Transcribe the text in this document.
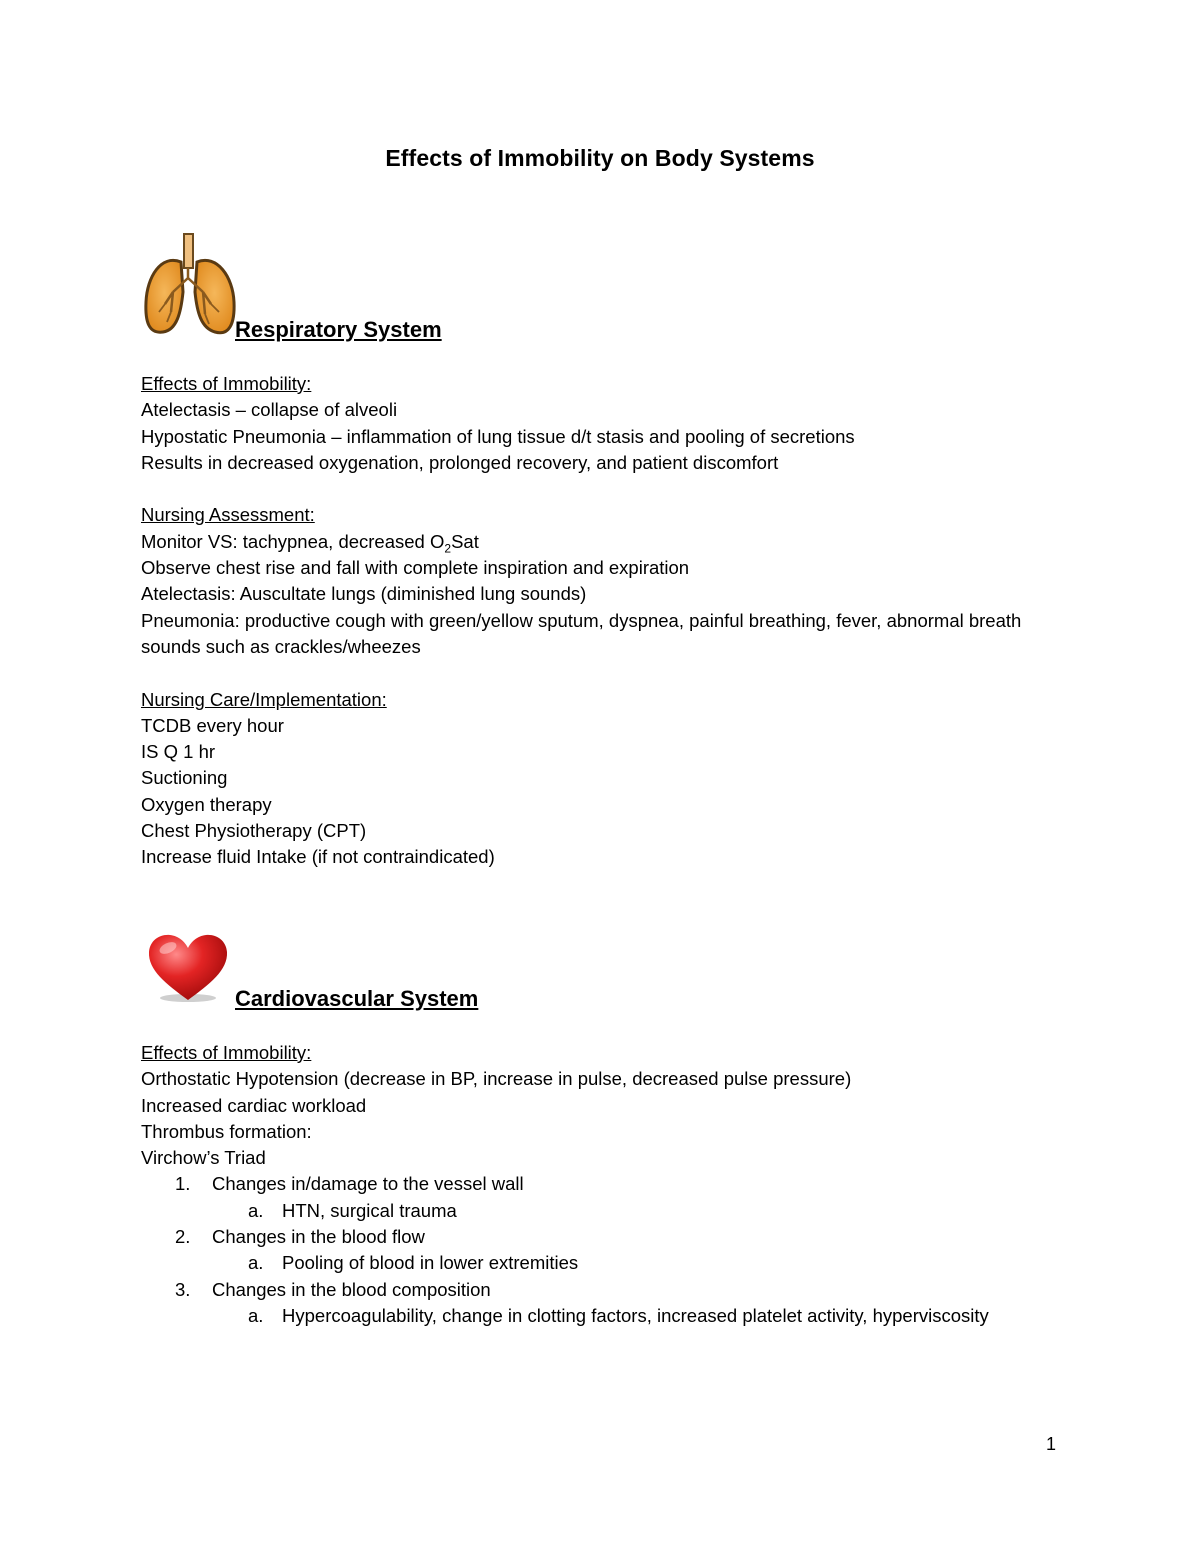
Effects of Immobility on Body Systems
Respiratory System
Effects of Immobility:
Atelectasis – collapse of alveoli
Hypostatic Pneumonia – inflammation of lung tissue d/t stasis and pooling of secretions
Results in decreased oxygenation, prolonged recovery, and patient discomfort
Nursing Assessment:
Monitor VS: tachypnea, decreased $O_2Sat$
Observe chest rise and fall with complete inspiration and expiration
Atelectasis: Auscultate lungs (diminished lung sounds)
Pneumonia: productive cough with green/yellow sputum, dyspnea, painful breathing, fever, abnormal breath sounds such as crackles/wheezes
Nursing Care/Implementation:
TCDB every hour
IS Q 1 hr
Suctioning
Oxygen therapy
Chest Physiotherapy (CPT)
Increase fluid Intake (if not contraindicated)
Cardiovascular System
Effects of Immobility:
Orthostatic Hypotension (decrease in BP, increase in pulse, decreased pulse pressure)
Increased cardiac workload
Thrombus formation:
Virchow’s Triad
1. Changes in/damage to the vessel wall
a. HTN, surgical trauma
2. Changes in the blood flow
a. Pooling of blood in lower extremities
3. Changes in the blood composition
a. Hypercoagulability, change in clotting factors, increased platelet activity, hyperviscosity
1
